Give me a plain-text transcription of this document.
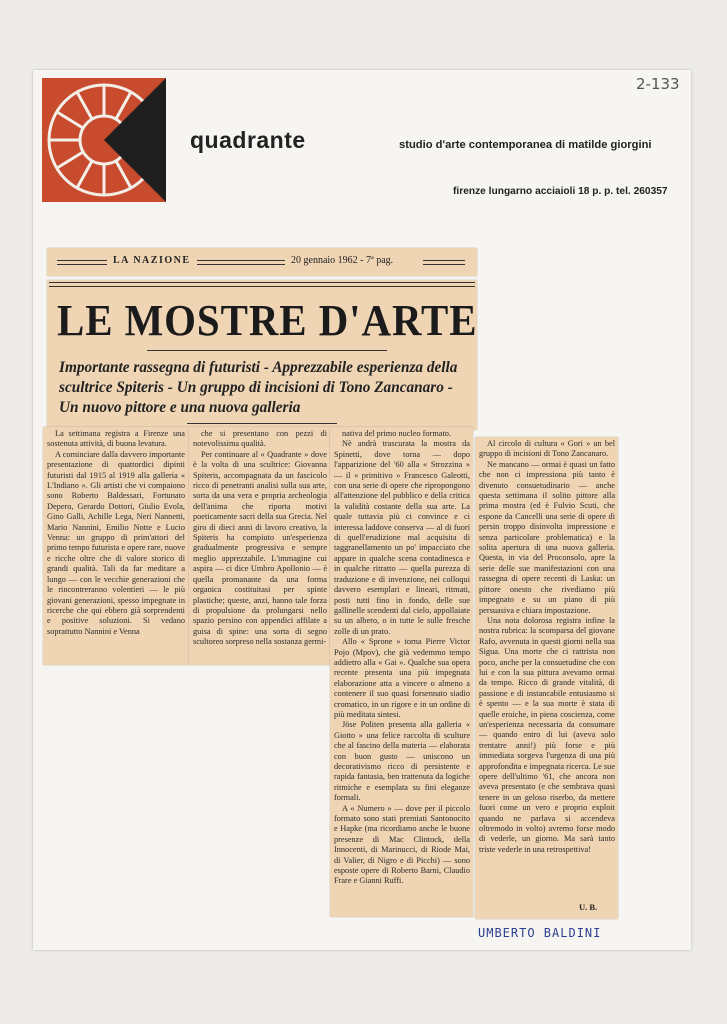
quadrante	studio d'arte contemporanea di matilde giorgini
firenze lungarno acciaioli 18 p. p. tel. 260357
2-133
LA NAZIONE	20 gennaio 1962 - 7ª pag.
LE MOSTRE D'ARTE
Importante rassegna di futuristi - Apprezzabile esperienza della scultrice Spiteris - Un gruppo di incisioni di Tono Zancanaro - Un nuovo pittore e una nuova galleria

La settimana registra a Firenze una sostenuta attività, di buona levatura.

A cominciare dalla davvero importante presentazione di quattordici dipinti futuristi dal 1915 al 1919 alla galleria « L'Indiano ». Gli artisti che vi compaiono sono Roberto Baldessari, Fortunato Depero, Gerardo Dottori, Giulio Evola, Gino Galli, Achille Lega, Neri Nannetti, Mario Nannini, Emilio Notte e Lucio Venna: un gruppo di prim'attori del primo tempo futurista e opere rare, nuove e ricche oltre che di valore storico di grandi qualità. Tali da far meditare a lungo — con le vecchie generazioni che le rincontreranno volentieri — le più giovani generazioni, spesso impegnate in ricerche che qui ebbero già sorprendenti e positive soluzioni. Si vedano soprattutto Nannini e Venna

che si presentano con pezzi di notevolissima qualità.

Per continuare al « Quadrante » dove è la volta di una scultrice: Giovanna Spiteris, accompagnata da un fascicolo ricco di penetranti analisi sulla sua arte, sorta da una vera e propria archeologia dell'anima che riporta motivi poeticamente sacri della sua Grecia. Nel giro di dieci anni di lavoro creativo, la Spiteris ha compiuto un'esperienza gradualmente progressiva e sempre meglio apprezzabile. L'immagine cui aspira — ci dice Umbro Apollonio — è quella promanante da una forma organica costituitasi per spinte plastiche; queste, anzi, hanno tale forza di propulsione da prolungarsi nello spazio persino con appendici affilate a guisa di spine: una sorta di segno scultoreo sorpreso nella sostanza germi-

nativa del primo nucleo formato.

Nè andrà trascurata la mostra da Spinetti, dove torna — dopo l'apparizione del '60 alla « Strozzina » — il « primitivo » Francesco Galeotti, con una serie di opere che ripropongono all'attenzione del pubblico e della critica la validità costante della sua arte. La quale tuttavia più ci convince e ci interessa laddove conserva — al di fuori di quell'erudizione mal acquisita di taggranellamento un po' impacciato che appare in qualche scena contadinesca e in qualche ritratto — quella purezza di traduzione e di invenzione, nei colloqui davvero esemplari e lineari, ritmati, posti tutti fino in fondo, delle sue gallinelle scendenti dal cielo, appollaiate su un albero, o in tutte le sulle fresche zolle di un prato.

Allo « Sprone » torna Pierre Victor Pojo (Mpov), che già vedemmo tempo addietro alla « Gai ». Qualche sua opera recente presenta una più impegnata elaborazione atta a vincere o almeno a contenere il suo quasi forsennato siadio cromatico, in un rigore e in un ordine di più meditata sintesi.

Jöse Politen presenta alla galleria « Giotto » una felice raccolta di sculture che al fascino della materia — elaborata con buon gusto — uniscono un decorativismo ricco di persistente e rapida fantasia, ben trattenuta da logiche ritmiche e esemplata su fini eleganze formali.

A « Numero » — dove per il piccolo formato sono stati premiati Santonocito e Hapke (ma ricordiamo anche le buone presenze di Mac Clintock, della Innocenti, di Marinucci, di Riode Mai, di Valier, di Nigro e di Picchi) — sono esposte opere di Roberto Barni, Claudio Frare e Gianni Ruffi.

Al circolo di cultura « Gori » un bel gruppo di incisioni di Tono Zancanaro.

Ne mancano — ormai è quasi un fatto che non ci impressiona più tanto è divenuto consuetudinario — anche questa settimana il solito pittore alla prima mostra (ed è Fulvio Scuti, che espone da Cancelli una serie di opere di persin troppo disinvolta impressione e senza particolare problematica) e la solita apertura di una nuova galleria. Questa, in via del Proconsolo, apre la serie delle sue manifestazioni con una rassegna di opere recenti di Laska: un pittore onesto che rivediamo più impegnato e su un piano di più persuasiva e chiara impostazione.

Una nota dolorosa registra infine la nostra rubrica: la scomparsa del giovane Rafo, avvenuta in questi giorni nella sua Sigua. Una morte che ci rattrista non poco, anche per la consuetudine che con lui e con la sua pittura avevamo ormai da tempo. Ricco di grande vitalità, di passione e di instancabile entusiasmo si è spento — e la sua morte è stata di quelle eroiche, in piena coscienza, come un'esperienza necessaria da consumare — quando entro di lui (aveva solo trentatre anni!) più forse e più immediata sorgeva l'urgenza di una più approfondita e impegnata ricerca. Le sue opere dell'ultimo '61, che ancora non aveva presentato (e che sembrava quasi tenere in un geloso riserbo, da mettere fuori come un vero e proprio exploit quando ne parlava si accendeva oltremodo in volto) avremo forse modo di vederle, un giorno. Ma sarà tanto triste vederle in una retrospettiva!

U. B.
UMBERTO BALDINI
